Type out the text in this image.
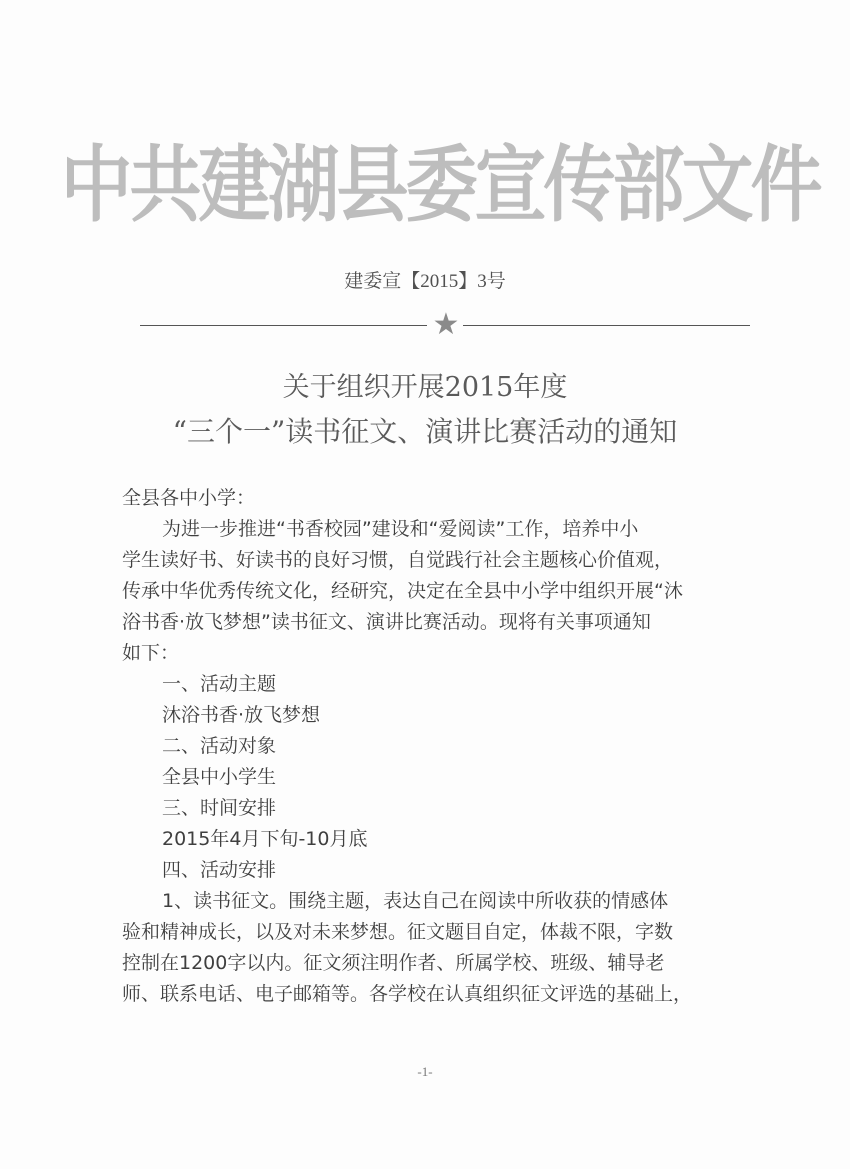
中共建湖县委宣传部文件
建委宣【2015】3号
★
关于组织开展2015年度
“三个一”读书征文、演讲比赛活动的通知

全县各中小学：

为进一步推进“书香校园”建设和“爱阅读”工作，培养中小

学生读好书、好读书的良好习惯，自觉践行社会主题核心价值观，

传承中华优秀传统文化，经研究，决定在全县中小学中组织开展“沐

浴书香·放飞梦想”读书征文、演讲比赛活动。现将有关事项通知

如下：

一、活动主题

沐浴书香·放飞梦想

二、活动对象

全县中小学生

三、时间安排

2015年4月下旬-10月底

四、活动安排

1、读书征文。围绕主题，表达自己在阅读中所收获的情感体

验和精神成长，以及对未来梦想。征文题目自定，体裁不限，字数

控制在1200字以内。征文须注明作者、所属学校、班级、辅导老

师、联系电话、电子邮箱等。各学校在认真组织征文评选的基础上，

-1-
